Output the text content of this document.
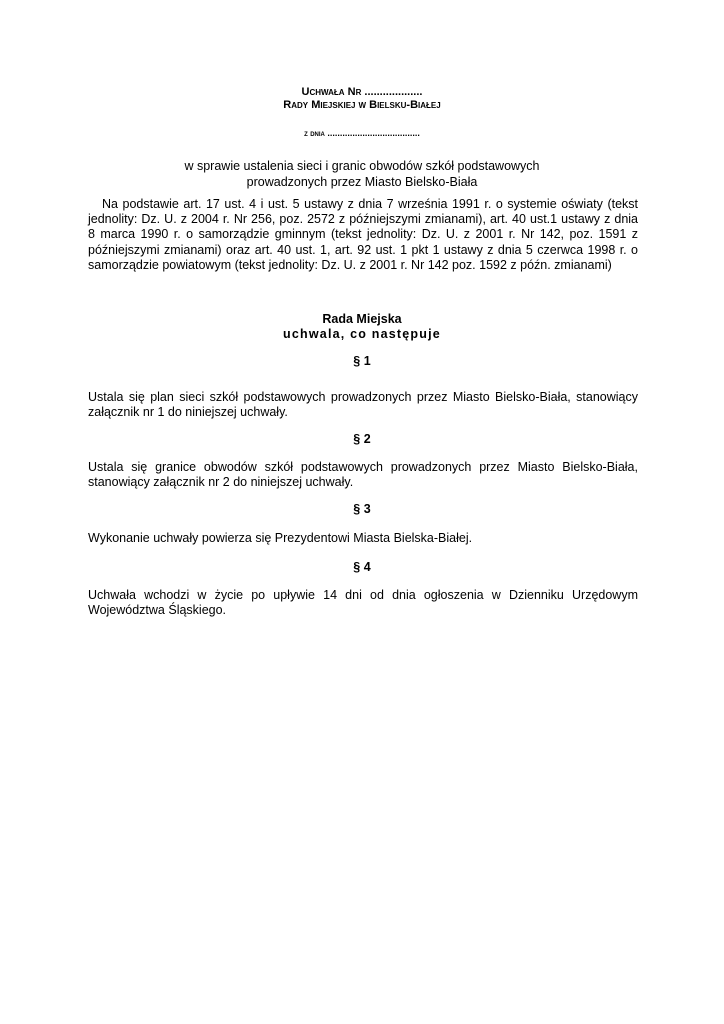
Uchwała Nr ...................
Rady Miejskiej w Bielsku-Białej
z dnia .....................................
w sprawie ustalenia sieci i granic obwodów szkół podstawowych
prowadzonych przez Miasto Bielsko-Biała
Na podstawie art. 17 ust. 4 i ust. 5 ustawy z dnia 7 września 1991 r. o systemie oświaty (tekst jednolity: Dz. U. z 2004 r. Nr 256, poz. 2572 z późniejszymi zmianami), art. 40 ust.1 ustawy z dnia 8 marca 1990 r. o samorządzie gminnym (tekst jednolity: Dz. U. z 2001 r. Nr 142, poz. 1591 z późniejszymi zmianami) oraz art. 40 ust. 1, art. 92 ust. 1 pkt 1 ustawy z dnia 5 czerwca 1998 r. o samorządzie powiatowym (tekst jednolity: Dz. U. z 2001 r. Nr 142 poz. 1592 z późn. zmianami)
Rada Miejska
uchwala, co następuje
§ 1
Ustala się plan sieci szkół podstawowych prowadzonych przez Miasto Bielsko-Biała, stanowiący załącznik nr 1 do niniejszej uchwały.
§ 2
Ustala się granice obwodów szkół podstawowych prowadzonych przez Miasto Bielsko-Biała, stanowiący załącznik nr 2 do niniejszej uchwały.
§ 3
Wykonanie uchwały powierza się Prezydentowi Miasta Bielska-Białej.
§ 4
Uchwała wchodzi w życie po upływie 14 dni od dnia ogłoszenia w Dzienniku Urzędowym Województwa Śląskiego.
